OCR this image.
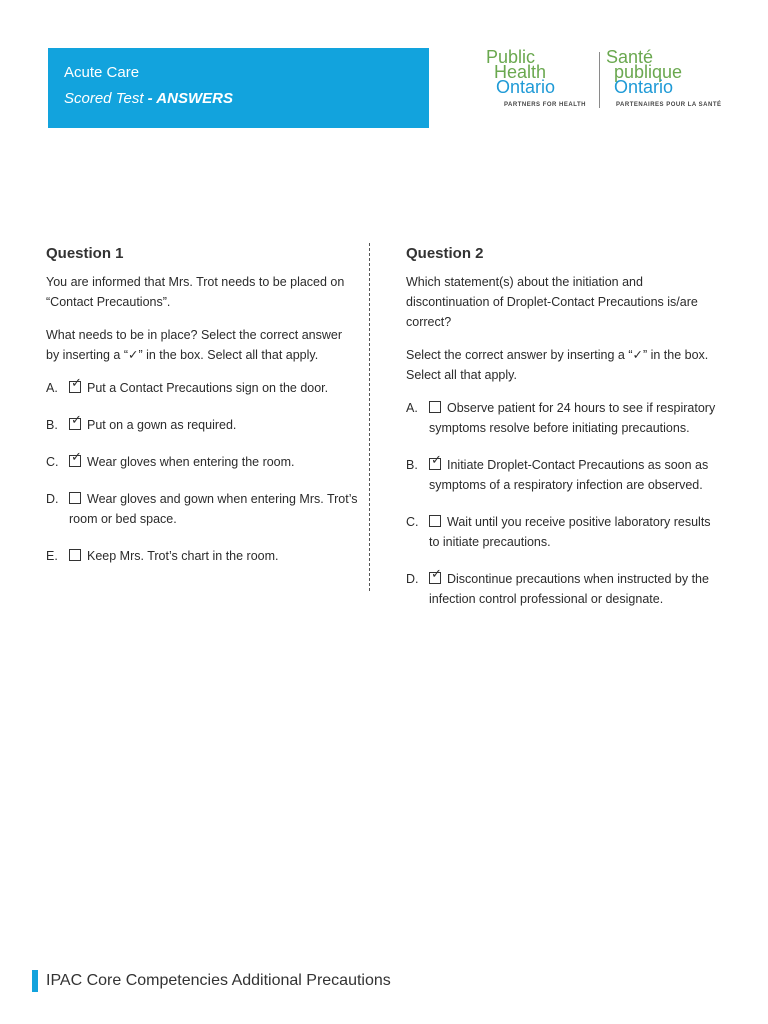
Acute Care
Scored Test - ANSWERS
Public
Health
Ontario
PARTNERS FOR HEALTH
Santé
publique
Ontario
PARTENAIRES POUR LA SANTÉ
Question 1
You are informed that Mrs. Trot needs to be placed on “Contact Precautions”.
What needs to be in place? Select the correct answer by inserting a “✓” in the box. Select all that apply.
A.	✓ Put a Contact Precautions sign on the door.
B.	✓ Put on a gown as required.
C. ✓ Wear gloves when entering the room.
D.	Wear gloves and gown when entering Mrs. Trot’s room or bed space.
E.	Keep Mrs. Trot’s chart in the room.
Question 2
Which statement(s) about the initiation and discontinuation of Droplet-Contact Precautions is/are correct?
Select the correct answer by inserting a “✓” in the box. Select all that apply.
A.	Observe patient for 24 hours to see if respiratory symptoms resolve before initiating precautions.
B.	✓ Initiate Droplet-Contact Precautions as soon as symptoms of a respiratory infection are observed.
C.	Wait until you receive positive laboratory results to initiate precautions.
D. ✓ Discontinue precautions when instructed by the infection control professional or designate.
IPAC Core Competencies Additional Precautions
